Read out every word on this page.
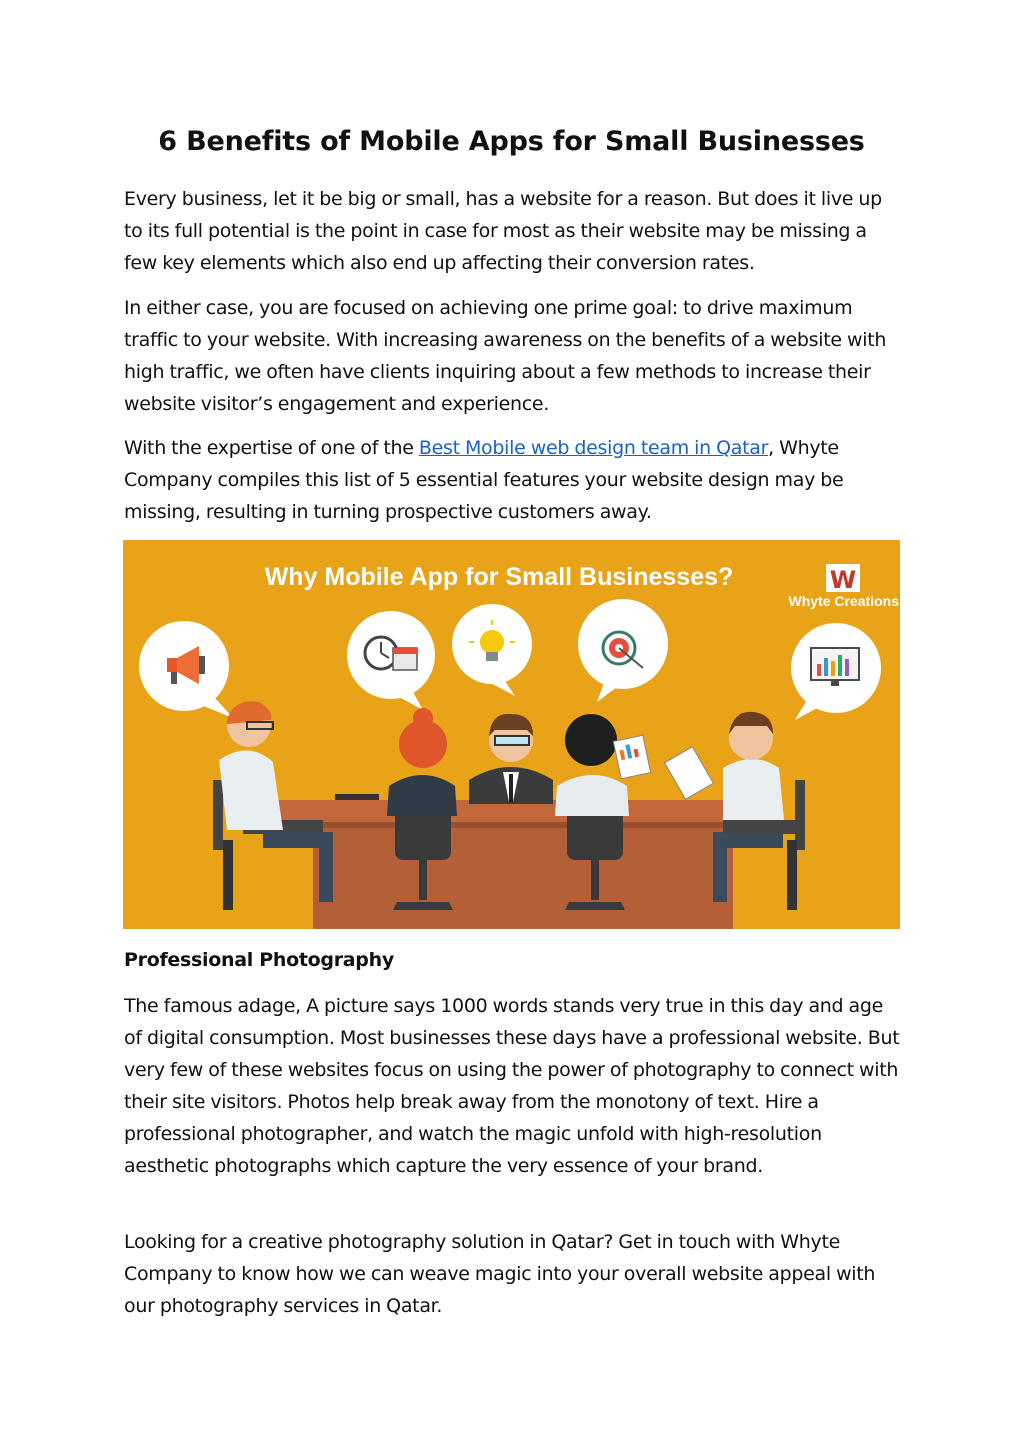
6 Benefits of Mobile Apps for Small Businesses

Every business, let it be big or small, has a website for a reason. But does it live up to its full potential is the point in case for most as their website may be missing a few key elements which also end up affecting their conversion rates.

In either case, you are focused on achieving one prime goal: to drive maximum traffic to your website. With increasing awareness on the benefits of a website with high traffic, we often have clients inquiring about a few methods to increase their website visitor’s engagement and experience.

With the expertise of one of the Best Mobile web design team in Qatar, Whyte Company compiles this list of 5 essential features your website design may be missing, resulting in turning prospective customers away.

Why Mobile App for Small Businesses?	W
Whyte Creations
Professional Photography

The famous adage, A picture says 1000 words stands very true in this day and age of digital consumption. Most businesses these days have a professional website. But very few of these websites focus on using the power of photography to connect with their site visitors. Photos help break away from the monotony of text. Hire a professional photographer, and watch the magic unfold with high-resolution aesthetic photographs which capture the very essence of your brand.

Looking for a creative photography solution in Qatar? Get in touch with Whyte Company to know how we can weave magic into your overall website appeal with our photography services in Qatar.
